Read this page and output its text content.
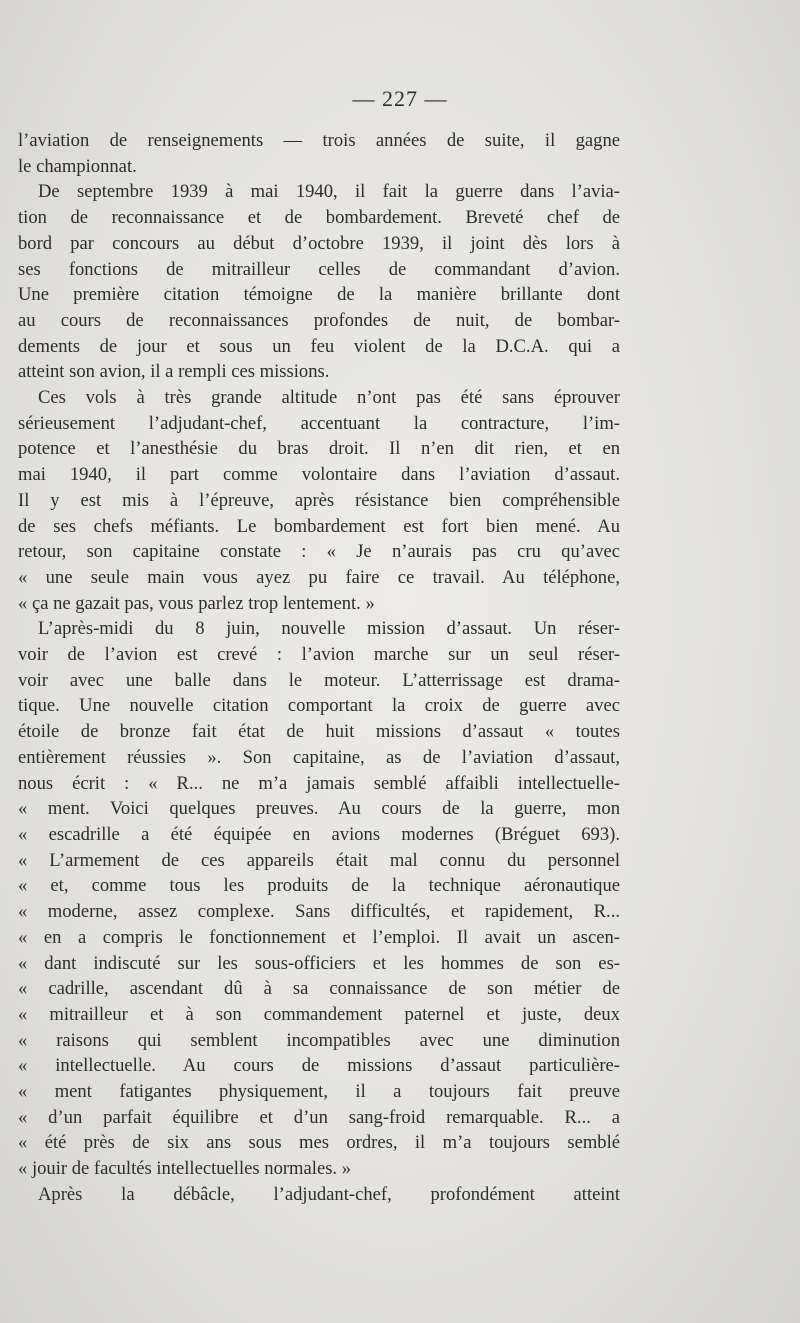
— 227 —
l’aviation de renseignements — trois années de suite, il gagne
le championnat.
De septembre 1939 à mai 1940, il fait la guerre dans l’avia-
tion de reconnaissance et de bombardement. Breveté chef de
bord par concours au début d’octobre 1939, il joint dès lors à
ses fonctions de mitrailleur celles de commandant d’avion.
Une première citation témoigne de la manière brillante dont
au cours de reconnaissances profondes de nuit, de bombar-
dements de jour et sous un feu violent de la D.C.A. qui a
atteint son avion, il a rempli ces missions.
Ces vols à très grande altitude n’ont pas été sans éprouver
sérieusement l’adjudant-chef, accentuant la contracture, l’im-
potence et l’anesthésie du bras droit. Il n’en dit rien, et en
mai 1940, il part comme volontaire dans l’aviation d’assaut.
Il y est mis à l’épreuve, après résistance bien compréhensible
de ses chefs méfiants. Le bombardement est fort bien mené. Au
retour, son capitaine constate : « Je n’aurais pas cru qu’avec
« une seule main vous ayez pu faire ce travail. Au téléphone,
« ça ne gazait pas, vous parlez trop lentement. »
L’après-midi du 8 juin, nouvelle mission d’assaut. Un réser-
voir de l’avion est crevé : l’avion marche sur un seul réser-
voir avec une balle dans le moteur. L’atterrissage est drama-
tique. Une nouvelle citation comportant la croix de guerre avec
étoile de bronze fait état de huit missions d’assaut « toutes
entièrement réussies ». Son capitaine, as de l’aviation d’assaut,
nous écrit : « R... ne m’a jamais semblé affaibli intellectuelle-
« ment. Voici quelques preuves. Au cours de la guerre, mon
« escadrille a été équipée en avions modernes (Bréguet 693).
« L’armement de ces appareils était mal connu du personnel
« et, comme tous les produits de la technique aéronautique
« moderne, assez complexe. Sans difficultés, et rapidement, R...
« en a compris le fonctionnement et l’emploi. Il avait un ascen-
« dant indiscuté sur les sous-officiers et les hommes de son es-
« cadrille, ascendant dû à sa connaissance de son métier de
« mitrailleur et à son commandement paternel et juste, deux
« raisons qui semblent incompatibles avec une diminution
« intellectuelle. Au cours de missions d’assaut particulière-
« ment fatigantes physiquement, il a toujours fait preuve
« d’un parfait équilibre et d’un sang-froid remarquable. R... a
« été près de six ans sous mes ordres, il m’a toujours semblé
« jouir de facultés intellectuelles normales. »
Après la débâcle, l’adjudant-chef, profondément atteint
